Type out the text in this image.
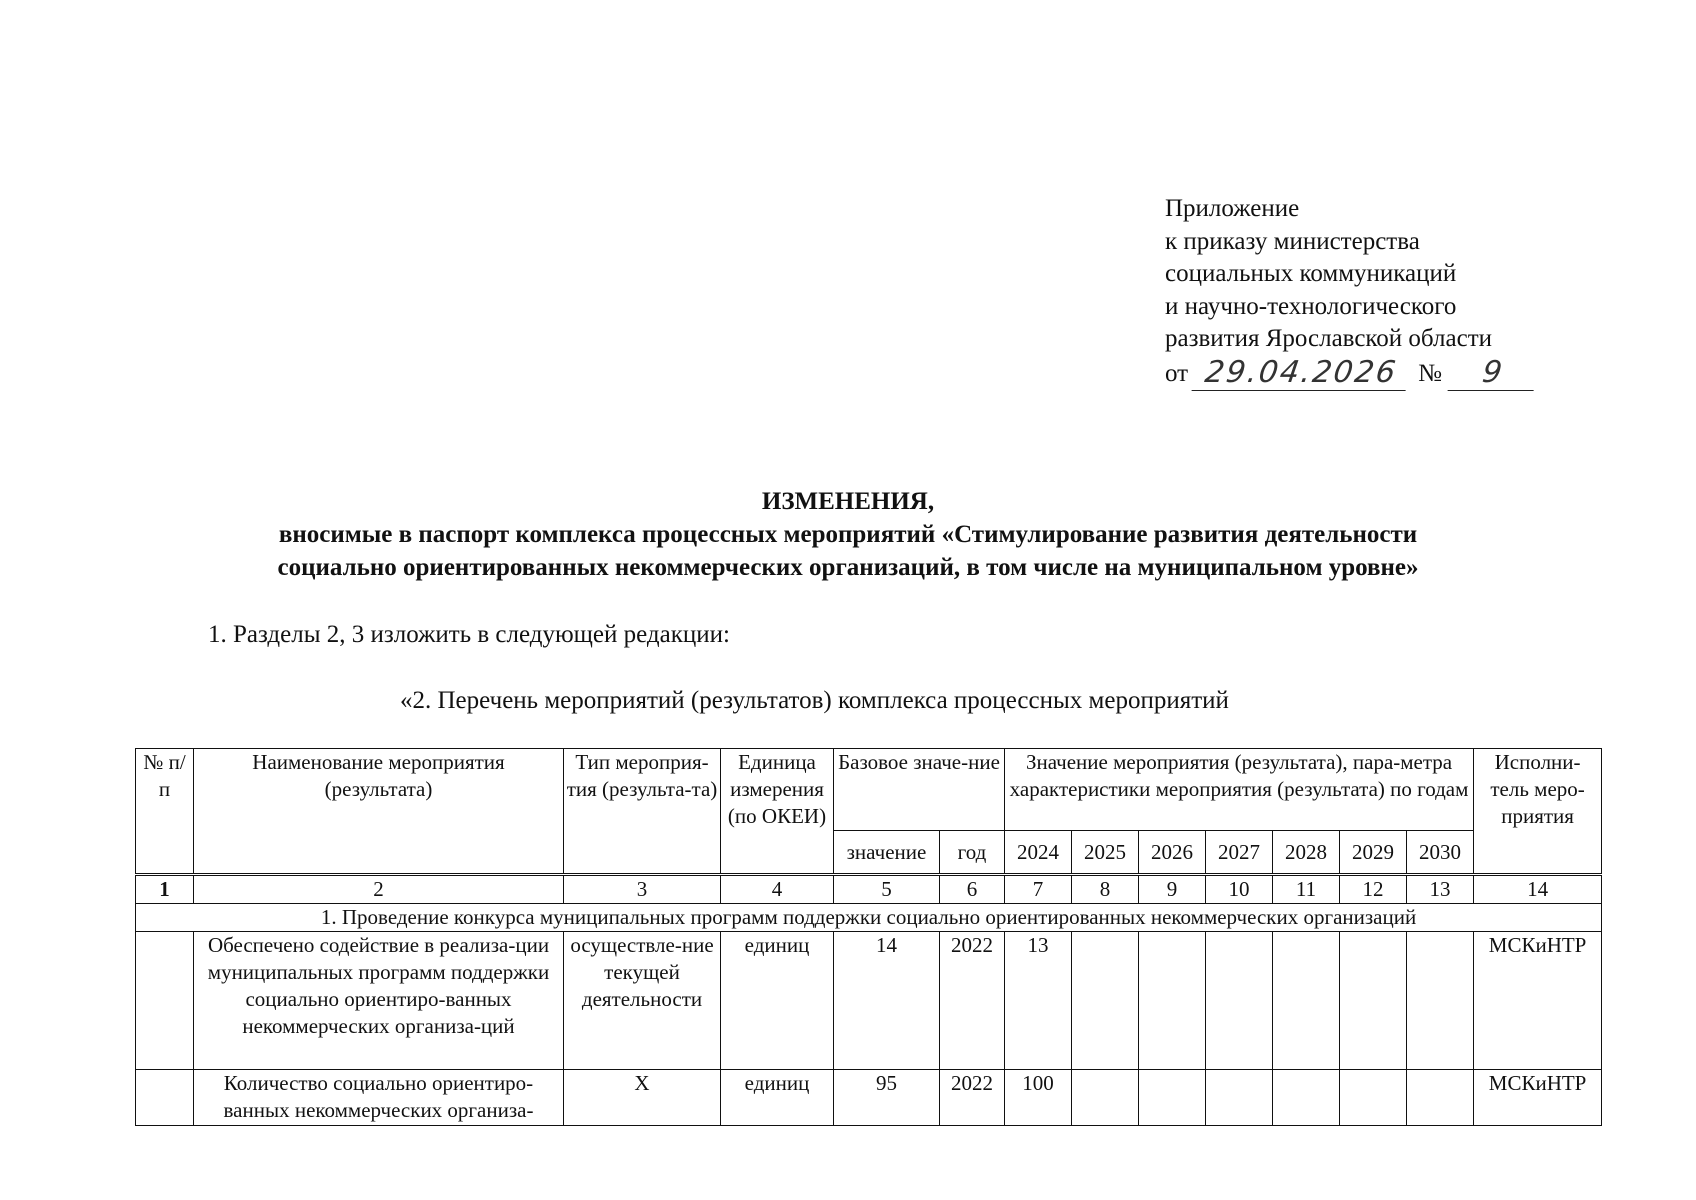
Приложение
к приказу министерства
социальных коммуникаций
и научно-технологического
развития Ярославской области
от 29.04.2026 №	9
ИЗМЕНЕНИЯ,
вносимые в паспорт комплекса процессных мероприятий «Стимулирование развития деятельности
социально ориентированных некоммерческих организаций, в том числе на муниципальном уровне»
1. Разделы 2, 3 изложить в следующей редакции:
«2. Перечень мероприятий (результатов) комплекса процессных мероприятий
№ п/п	Наименование мероприятия (результата)	Тип мероприя-тия (результа-та)	Единица измерения (по ОКЕИ)	Базовое значе-ние		Значение мероприятия (результата), пара-метра характеристики мероприятия (результата) по годам							Исполни-тель меро-приятия
				значение	год	2024	2025	2026	2027	2028	2029	2030	
1	2	3	4	5	6	7	8	9	10	11	12	13	14
1. Проведение конкурса муниципальных программ поддержки социально ориентированных некоммерческих организаций													
	Обеспечено содействие в реализа-ции муниципальных программ поддержки социально ориентиро-ванных некоммерческих организа-ций	осуществле-ние текущей деятельности	единиц	14	2022	13							МСКиНТР
	Количество социально ориентиро-ванных некоммерческих организа-	Х	единиц	95	2022	100							МСКиНТР
